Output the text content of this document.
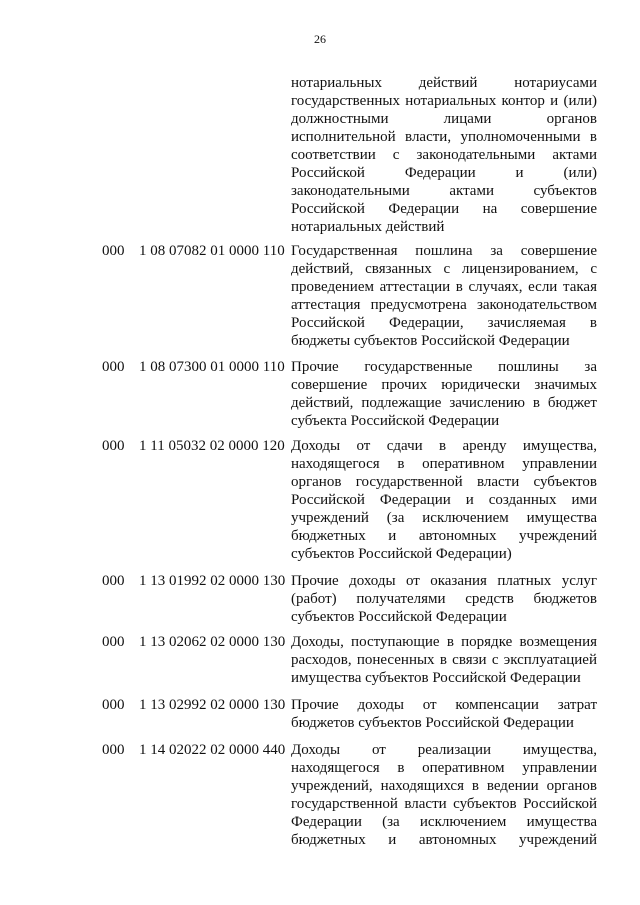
26
нотариальных действий нотариусами
государственных нотариальных контор и (или)
должностными лицами органов
исполнительной власти, уполномоченными в
соответствии с законодательными актами
Российской Федерации и (или)
законодательными актами субъектов
Российской Федерации на совершение
нотариальных действий
000 1 08 07082 01 0000 110 Государственная пошлина за совершение
действий, связанных с лицензированием, с
проведением аттестации в случаях, если такая
аттестация предусмотрена законодательством
Российской Федерации, зачисляемая в
бюджеты субъектов Российской Федерации
000 1 08 07300 01 0000 110 Прочие государственные пошлины за
совершение прочих юридически значимых
действий, подлежащие зачислению в бюджет
субъекта Российской Федерации
000 1 11 05032 02 0000 120 Доходы от сдачи в аренду имущества,
находящегося в оперативном управлении
органов государственной власти субъектов
Российской Федерации и созданных ими
учреждений (за исключением имущества
бюджетных и автономных учреждений
субъектов Российской Федерации)
000 1 13 01992 02 0000 130 Прочие доходы от оказания платных услуг
(работ) получателями средств бюджетов
субъектов Российской Федерации
000 1 13 02062 02 0000 130 Доходы, поступающие в порядке возмещения
расходов, понесенных в связи с эксплуатацией
имущества субъектов Российской Федерации
000 1 13 02992 02 0000 130 Прочие доходы от компенсации затрат
бюджетов субъектов Российской Федерации
000 1 14 02022 02 0000 440 Доходы от реализации имущества,
находящегося в оперативном управлении
учреждений, находящихся в ведении органов
государственной власти субъектов Российской
Федерации (за исключением имущества
бюджетных и автономных учреждений
